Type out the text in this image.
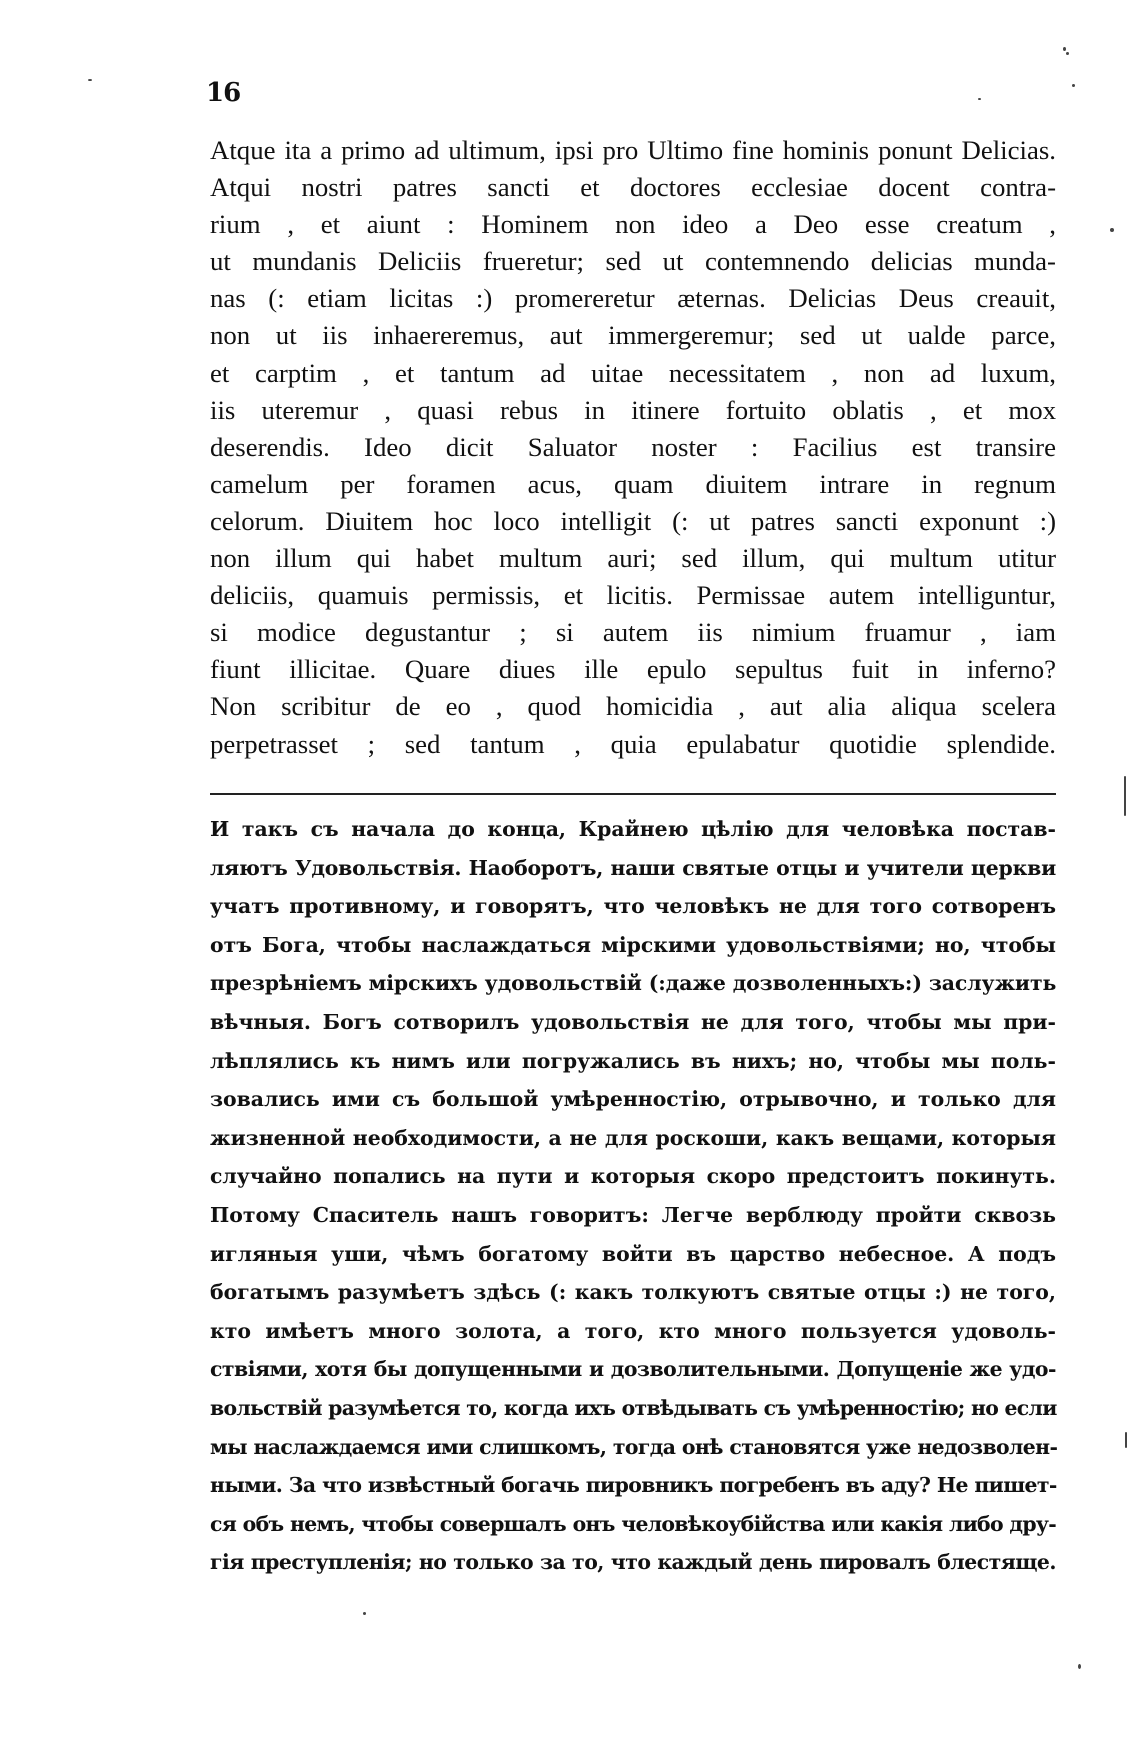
16
Atque ita a primo ad ultimum, ipsi pro Ultimo fine hominis ponunt Delicias.
Atqui nostri patres sancti et doctores ecclesiae docent contra-
rium , et aiunt : Hominem non ideo a Deo esse creatum ,
ut mundanis Deliciis frueretur; sed ut contemnendo delicias munda-
nas (: etiam licitas :) promereretur æternas. Delicias Deus creauit,
non ut iis inhaereremus, aut immergeremur; sed ut ualde parce,
et carptim , et tantum ad uitae necessitatem , non ad luxum,
iis uteremur , quasi rebus in itinere fortuito oblatis , et mox
deserendis. Ideo dicit Saluator noster : Facilius est transire
camelum per foramen acus, quam diuitem intrare in regnum
celorum. Diuitem hoc loco intelligit (: ut patres sancti exponunt :)
non illum qui habet multum auri; sed illum, qui multum utitur
deliciis, quamuis permissis, et licitis. Permissae autem intelliguntur,
si modice degustantur ; si autem iis nimium fruamur , iam
fiunt illicitae. Quare diues ille epulo sepultus fuit in inferno?
Non scribitur de eo , quod homicidia , aut alia aliqua scelera
perpetrasset ; sed tantum , quia epulabatur quotidie splendide.
И такъ съ начала до конца, Крайнею цѣлію для человѣка постав-
ляютъ Удовольствія. Наоборотъ, наши святые отцы и учители церкви
учатъ противному, и говорятъ, что человѣкъ не для того сотворенъ
отъ Бога, чтобы наслаждаться мірскими удовольствіями; но, чтобы
презрѣніемъ мірскихъ удовольствій (:даже дозволенныхъ:) заслужить
вѣчныя. Богъ сотворилъ удовольствія не для того, чтобы мы при-
лѣплялись къ нимъ или погружались въ нихъ; но, чтобы мы поль-
зовались ими съ большой умѣренностію, отрывочно, и только для
жизненной необходимости, а не для роскоши, какъ вещами, которыя
случайно попались на пути и которыя скоро предстоитъ покинуть.
Потому Спаситель нашъ говоритъ: Легче верблюду пройти сквозь
игляныя уши, чѣмъ богатому войти въ царство небесное. А подъ
богатымъ разумѣетъ здѣсь (: какъ толкуютъ святые отцы :) не того,
кто имѣетъ много золота, а того, кто много пользуется удоволь-
ствіями, хотя бы допущенными и дозволительными. Допущеніе же удо-
вольствій разумѣется то, когда ихъ отвѣдывать съ умѣренностію; но если
мы наслаждаемся ими слишкомъ, тогда онѣ становятся уже недозволен-
ными. За что извѣстный богачь пировникъ погребенъ въ аду? Не пишет-
ся объ немъ, чтобы совершалъ онъ человѣкоубійства или какія либо дру-
гія преступленія; но только за то, что каждый день пировалъ блестяще.
